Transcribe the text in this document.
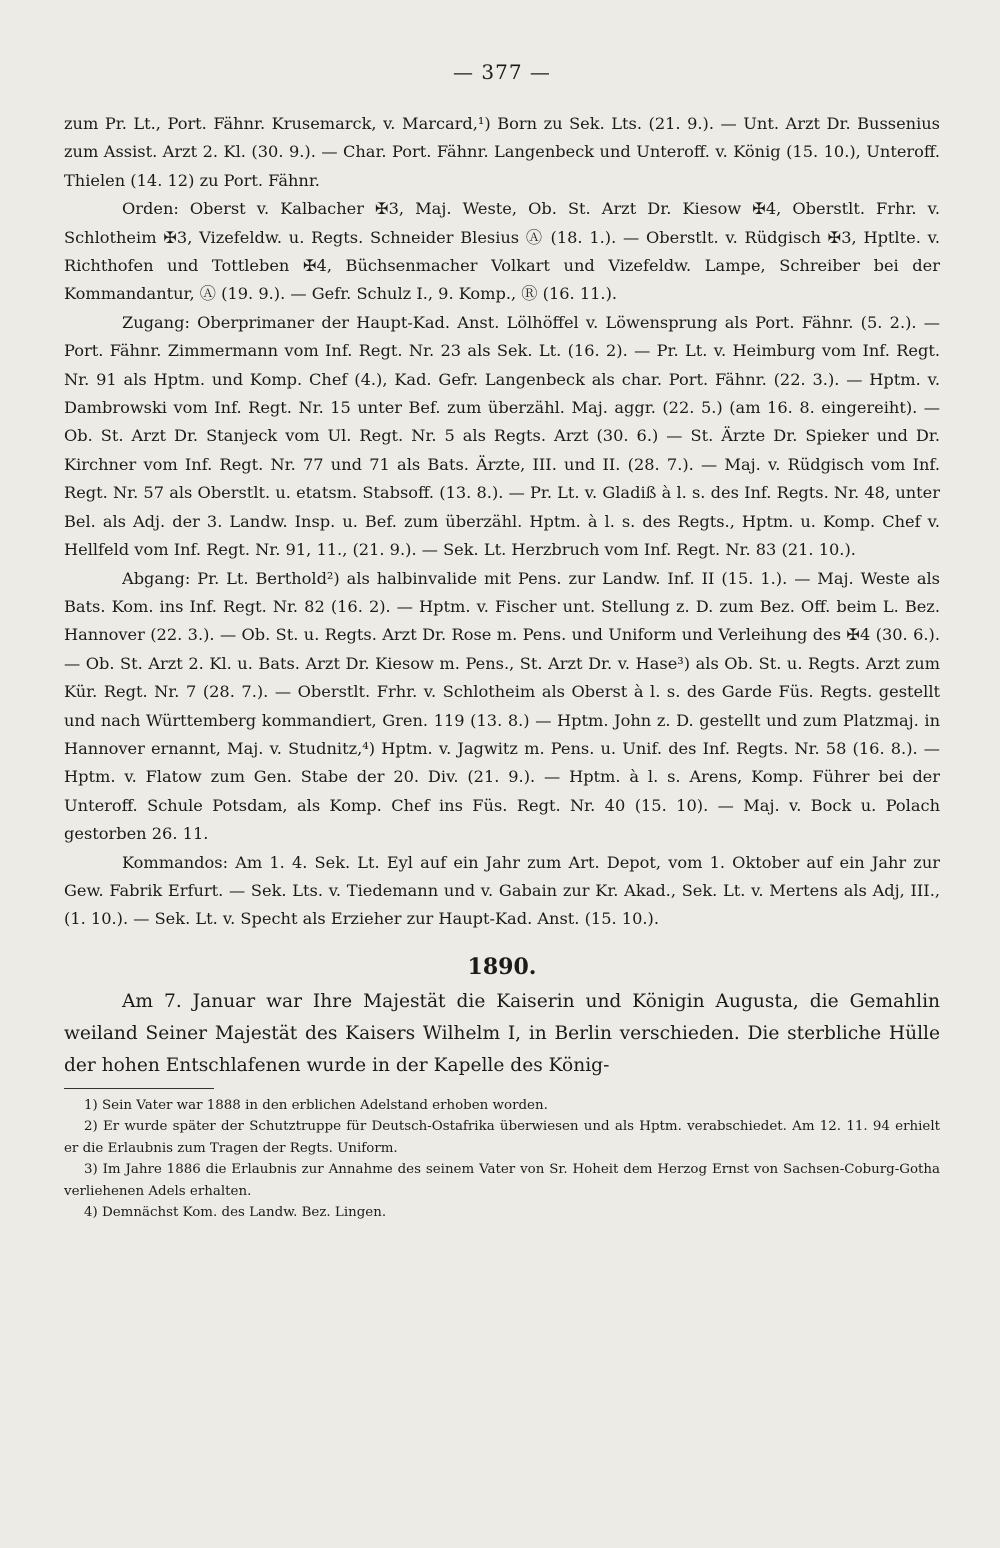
— 377 —

zum Pr. Lt., Port. Fähnr. Krusemarck, v. Marcard,¹) Born zu Sek. Lts. (21. 9.). — Unt. Arzt Dr. Bussenius zum Assist. Arzt 2. Kl. (30. 9.). — Char. Port. Fähnr. Langenbeck und Unteroff. v. König (15. 10.), Unteroff. Thielen (14. 12) zu Port. Fähnr.

Orden: Oberst v. Kalbacher ✠3, Maj. Weste, Ob. St. Arzt Dr. Kiesow ✠4, Oberstlt. Frhr. v. Schlotheim ✠3, Vizefeldw. u. Regts. Schneider Blesius Ⓐ (18. 1.). — Oberstlt. v. Rüdgisch ✠3, Hptlte. v. Richthofen und Tottleben ✠4, Büchsenmacher Volkart und Vizefeldw. Lampe, Schreiber bei der Kommandantur, Ⓐ (19. 9.). — Gefr. Schulz I., 9. Komp., Ⓡ (16. 11.).

Zugang: Oberprimaner der Haupt-Kad. Anst. Lölhöffel v. Löwensprung als Port. Fähnr. (5. 2.). — Port. Fähnr. Zimmermann vom Inf. Regt. Nr. 23 als Sek. Lt. (16. 2). — Pr. Lt. v. Heimburg vom Inf. Regt. Nr. 91 als Hptm. und Komp. Chef (4.), Kad. Gefr. Langenbeck als char. Port. Fähnr. (22. 3.). — Hptm. v. Dambrowski vom Inf. Regt. Nr. 15 unter Bef. zum überzähl. Maj. aggr. (22. 5.) (am 16. 8. eingereiht). — Ob. St. Arzt Dr. Stanjeck vom Ul. Regt. Nr. 5 als Regts. Arzt (30. 6.) — St. Ärzte Dr. Spieker und Dr. Kirchner vom Inf. Regt. Nr. 77 und 71 als Bats. Ärzte, III. und II. (28. 7.). — Maj. v. Rüdgisch vom Inf. Regt. Nr. 57 als Oberstlt. u. etatsm. Stabsoff. (13. 8.). — Pr. Lt. v. Gladiß à l. s. des Inf. Regts. Nr. 48, unter Bel. als Adj. der 3. Landw. Insp. u. Bef. zum überzähl. Hptm. à l. s. des Regts., Hptm. u. Komp. Chef v. Hellfeld vom Inf. Regt. Nr. 91, 11., (21. 9.). — Sek. Lt. Herzbruch vom Inf. Regt. Nr. 83 (21. 10.).

Abgang: Pr. Lt. Berthold²) als halbinvalide mit Pens. zur Landw. Inf. II (15. 1.). — Maj. Weste als Bats. Kom. ins Inf. Regt. Nr. 82 (16. 2). — Hptm. v. Fischer unt. Stellung z. D. zum Bez. Off. beim L. Bez. Hannover (22. 3.). — Ob. St. u. Regts. Arzt Dr. Rose m. Pens. und Uniform und Verleihung des ✠4 (30. 6.). — Ob. St. Arzt 2. Kl. u. Bats. Arzt Dr. Kiesow m. Pens., St. Arzt Dr. v. Hase³) als Ob. St. u. Regts. Arzt zum Kür. Regt. Nr. 7 (28. 7.). — Oberstlt. Frhr. v. Schlotheim als Oberst à l. s. des Garde Füs. Regts. gestellt und nach Württemberg kommandiert, Gren. 119 (13. 8.) — Hptm. John z. D. gestellt und zum Platzmaj. in Hannover ernannt, Maj. v. Studnitz,⁴) Hptm. v. Jagwitz m. Pens. u. Unif. des Inf. Regts. Nr. 58 (16. 8.). — Hptm. v. Flatow zum Gen. Stabe der 20. Div. (21. 9.). — Hptm. à l. s. Arens, Komp. Führer bei der Unteroff. Schule Potsdam, als Komp. Chef ins Füs. Regt. Nr. 40 (15. 10). — Maj. v. Bock u. Polach gestorben 26. 11.

Kommandos: Am 1. 4. Sek. Lt. Eyl auf ein Jahr zum Art. Depot, vom 1. Oktober auf ein Jahr zur Gew. Fabrik Erfurt. — Sek. Lts. v. Tiedemann und v. Gabain zur Kr. Akad., Sek. Lt. v. Mertens als Adj, III., (1. 10.). — Sek. Lt. v. Specht als Erzieher zur Haupt-Kad. Anst. (15. 10.).

1890.

Am 7. Januar war Ihre Majestät die Kaiserin und Königin Augusta, die Gemahlin weiland Seiner Majestät des Kaisers Wilhelm I, in Berlin verschieden. Die sterbliche Hülle der hohen Entschlafenen wurde in der Kapelle des König-

1) Sein Vater war 1888 in den erblichen Adelstand erhoben worden.

2) Er wurde später der Schutztruppe für Deutsch-Ostafrika überwiesen und als Hptm. verabschiedet. Am 12. 11. 94 erhielt er die Erlaubnis zum Tragen der Regts. Uniform.

3) Im Jahre 1886 die Erlaubnis zur Annahme des seinem Vater von Sr. Hoheit dem Herzog Ernst von Sachsen-Coburg-Gotha verliehenen Adels erhalten.

4) Demnächst Kom. des Landw. Bez. Lingen.
